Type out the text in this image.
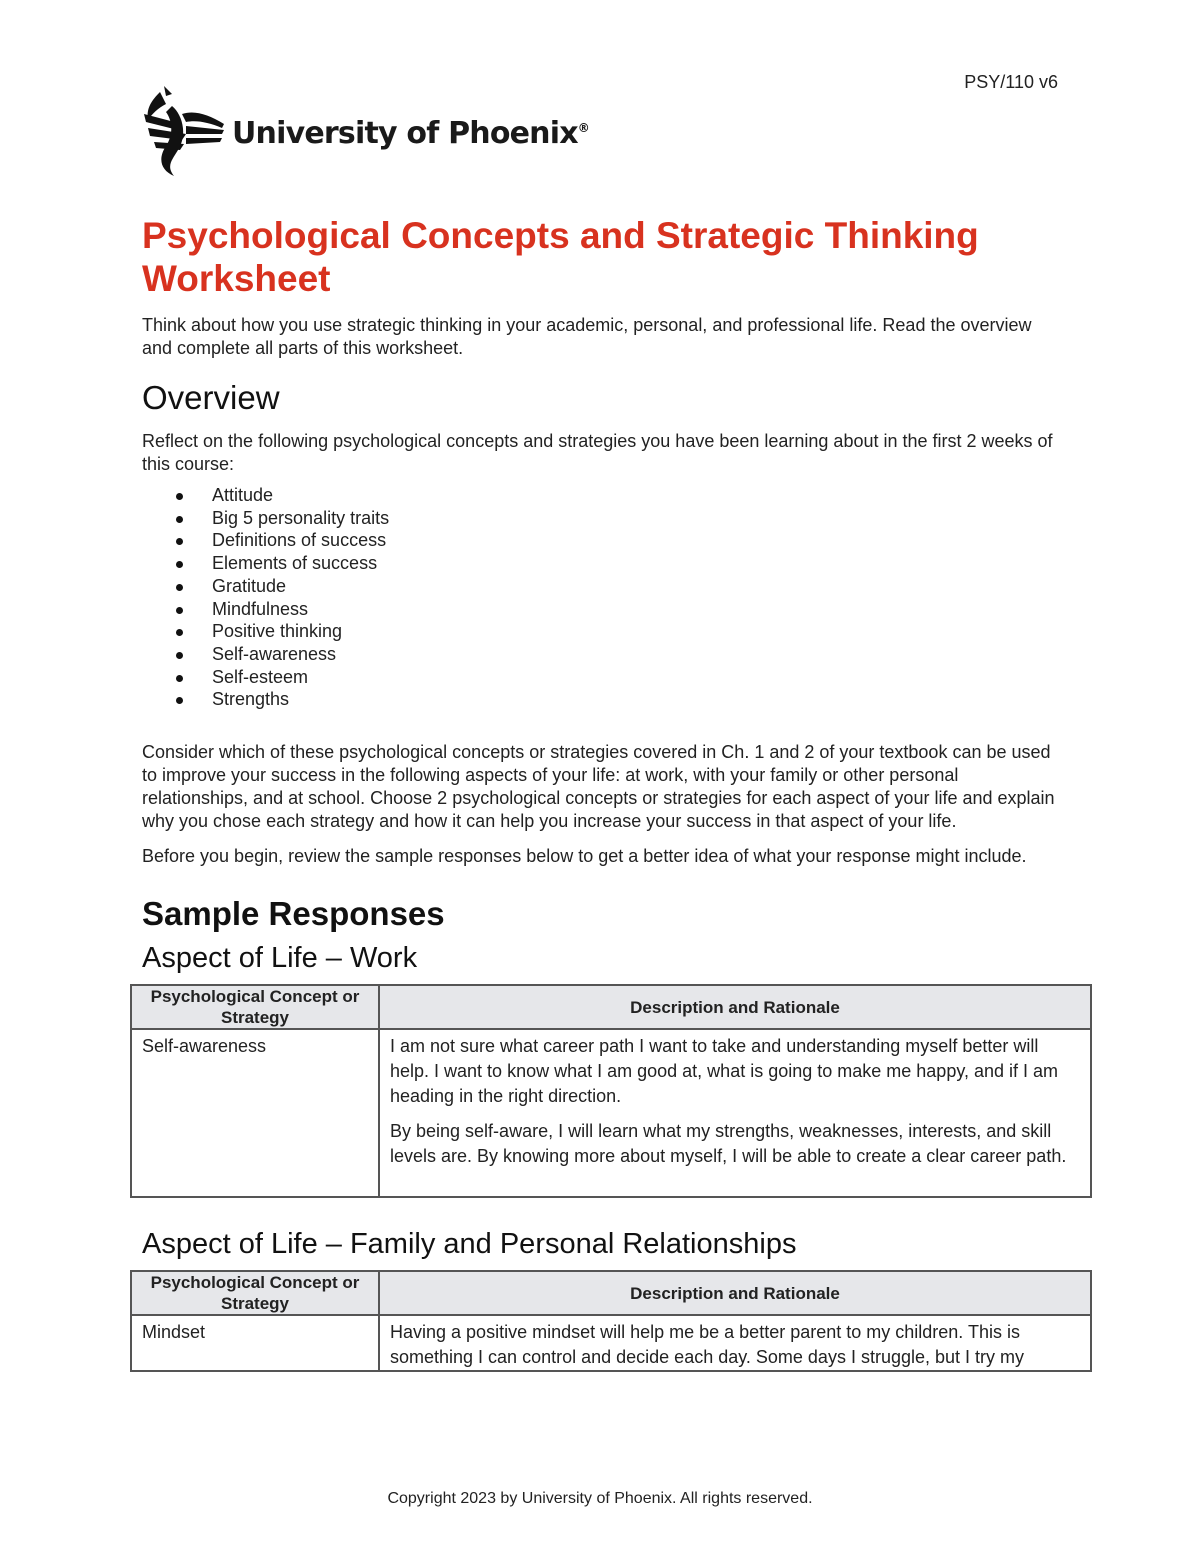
PSY/110 v6
University of Phoenix®
Psychological Concepts and Strategic Thinking Worksheet

Think about how you use strategic thinking in your academic, personal, and professional life. Read the overview and complete all parts of this worksheet.

Overview

Reflect on the following psychological concepts and strategies you have been learning about in the first 2 weeks of this course:

Attitude
Big 5 personality traits
Definitions of success
Elements of success
Gratitude
Mindfulness
Positive thinking
Self-awareness
Self-esteem
Strengths

Consider which of these psychological concepts or strategies covered in Ch. 1 and 2 of your textbook can be used to improve your success in the following aspects of your life: at work, with your family or other personal relationships, and at school. Choose 2 psychological concepts or strategies for each aspect of your life and explain why you chose each strategy and how it can help you increase your success in that aspect of your life.

Before you begin, review the sample responses below to get a better idea of what your response might include.

Sample Responses
Aspect of Life – Work
Psychological Concept or Strategy	Description and Rationale
Self-awareness	I am not sure what career path I want to take and understanding myself better will help. I want to know what I am good at, what is going to make me happy, and if I am heading in the right direction.

By being self-aware, I will learn what my strengths, weaknesses, interests, and skill levels are. By knowing more about myself, I will be able to create a clear career path.

Aspect of Life – Family and Personal Relationships
Psychological Concept or Strategy	Description and Rationale
Mindset	Having a positive mindset will help me be a better parent to my children. This is something I can control and decide each day. Some days I struggle, but I try my
Copyright 2023 by University of Phoenix. All rights reserved.
